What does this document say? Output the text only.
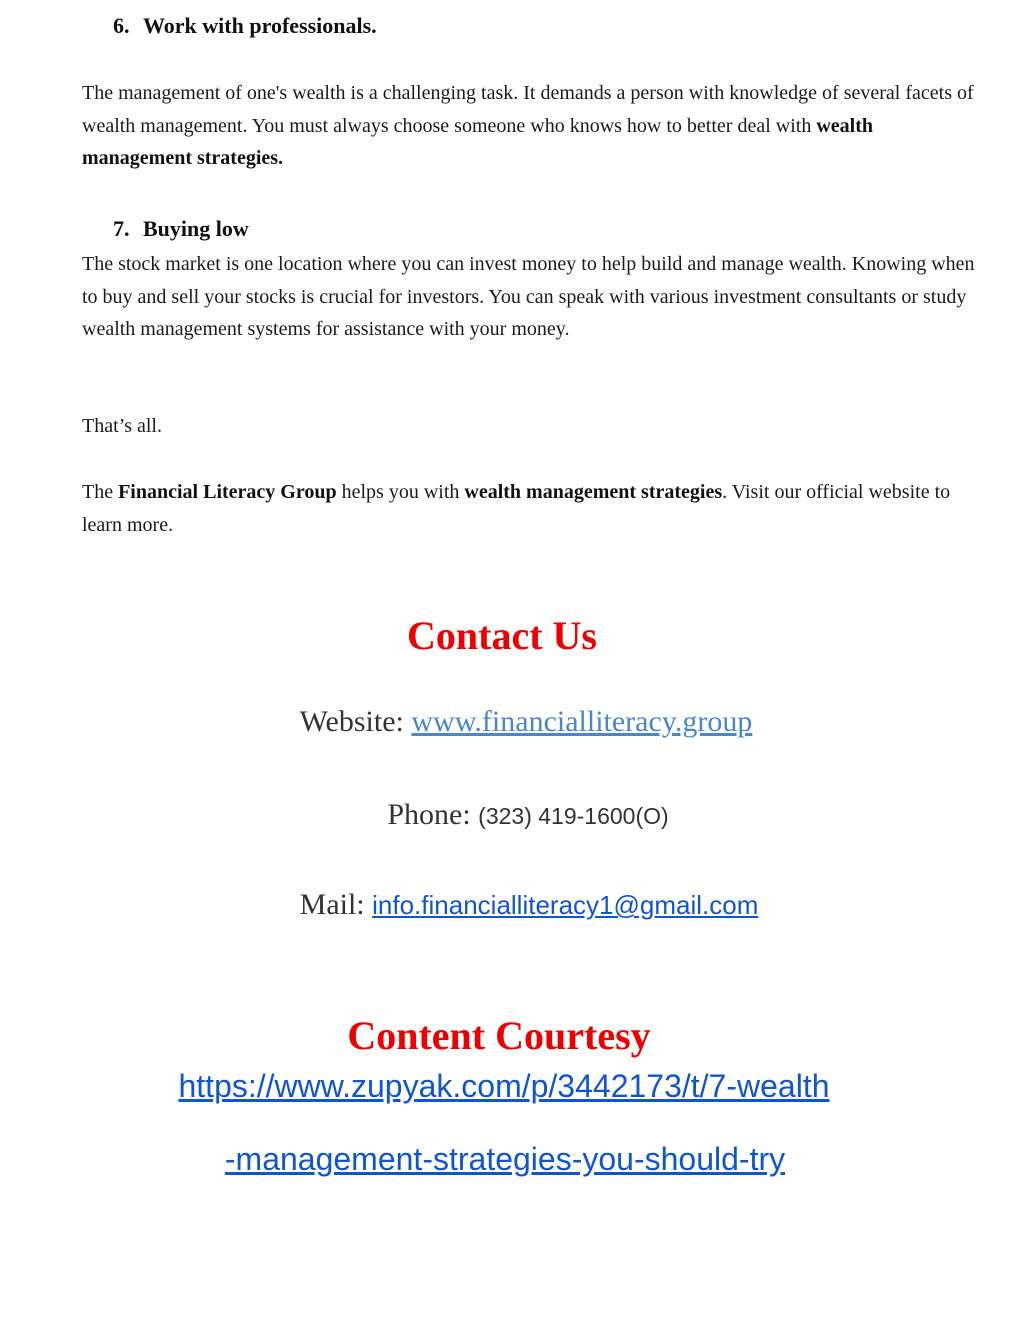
6. Work with professionals.
The management of one's wealth is a challenging task. It demands a person with knowledge of several facets of wealth management. You must always choose someone who knows how to better deal with wealth management strategies.
7. Buying low
The stock market is one location where you can invest money to help build and manage wealth. Knowing when to buy and sell your stocks is crucial for investors. You can speak with various investment consultants or study wealth management systems for assistance with your money.
That’s all.
The Financial Literacy Group helps you with wealth management strategies. Visit our official website to learn more.
Contact Us
Website: www.financialliteracy.group
Phone: (323) 419-1600(O)
Mail: info.financialliteracy1@gmail.com
Content Courtesy
https://www.zupyak.com/p/3442173/t/7-wealth
-management-strategies-you-should-try
